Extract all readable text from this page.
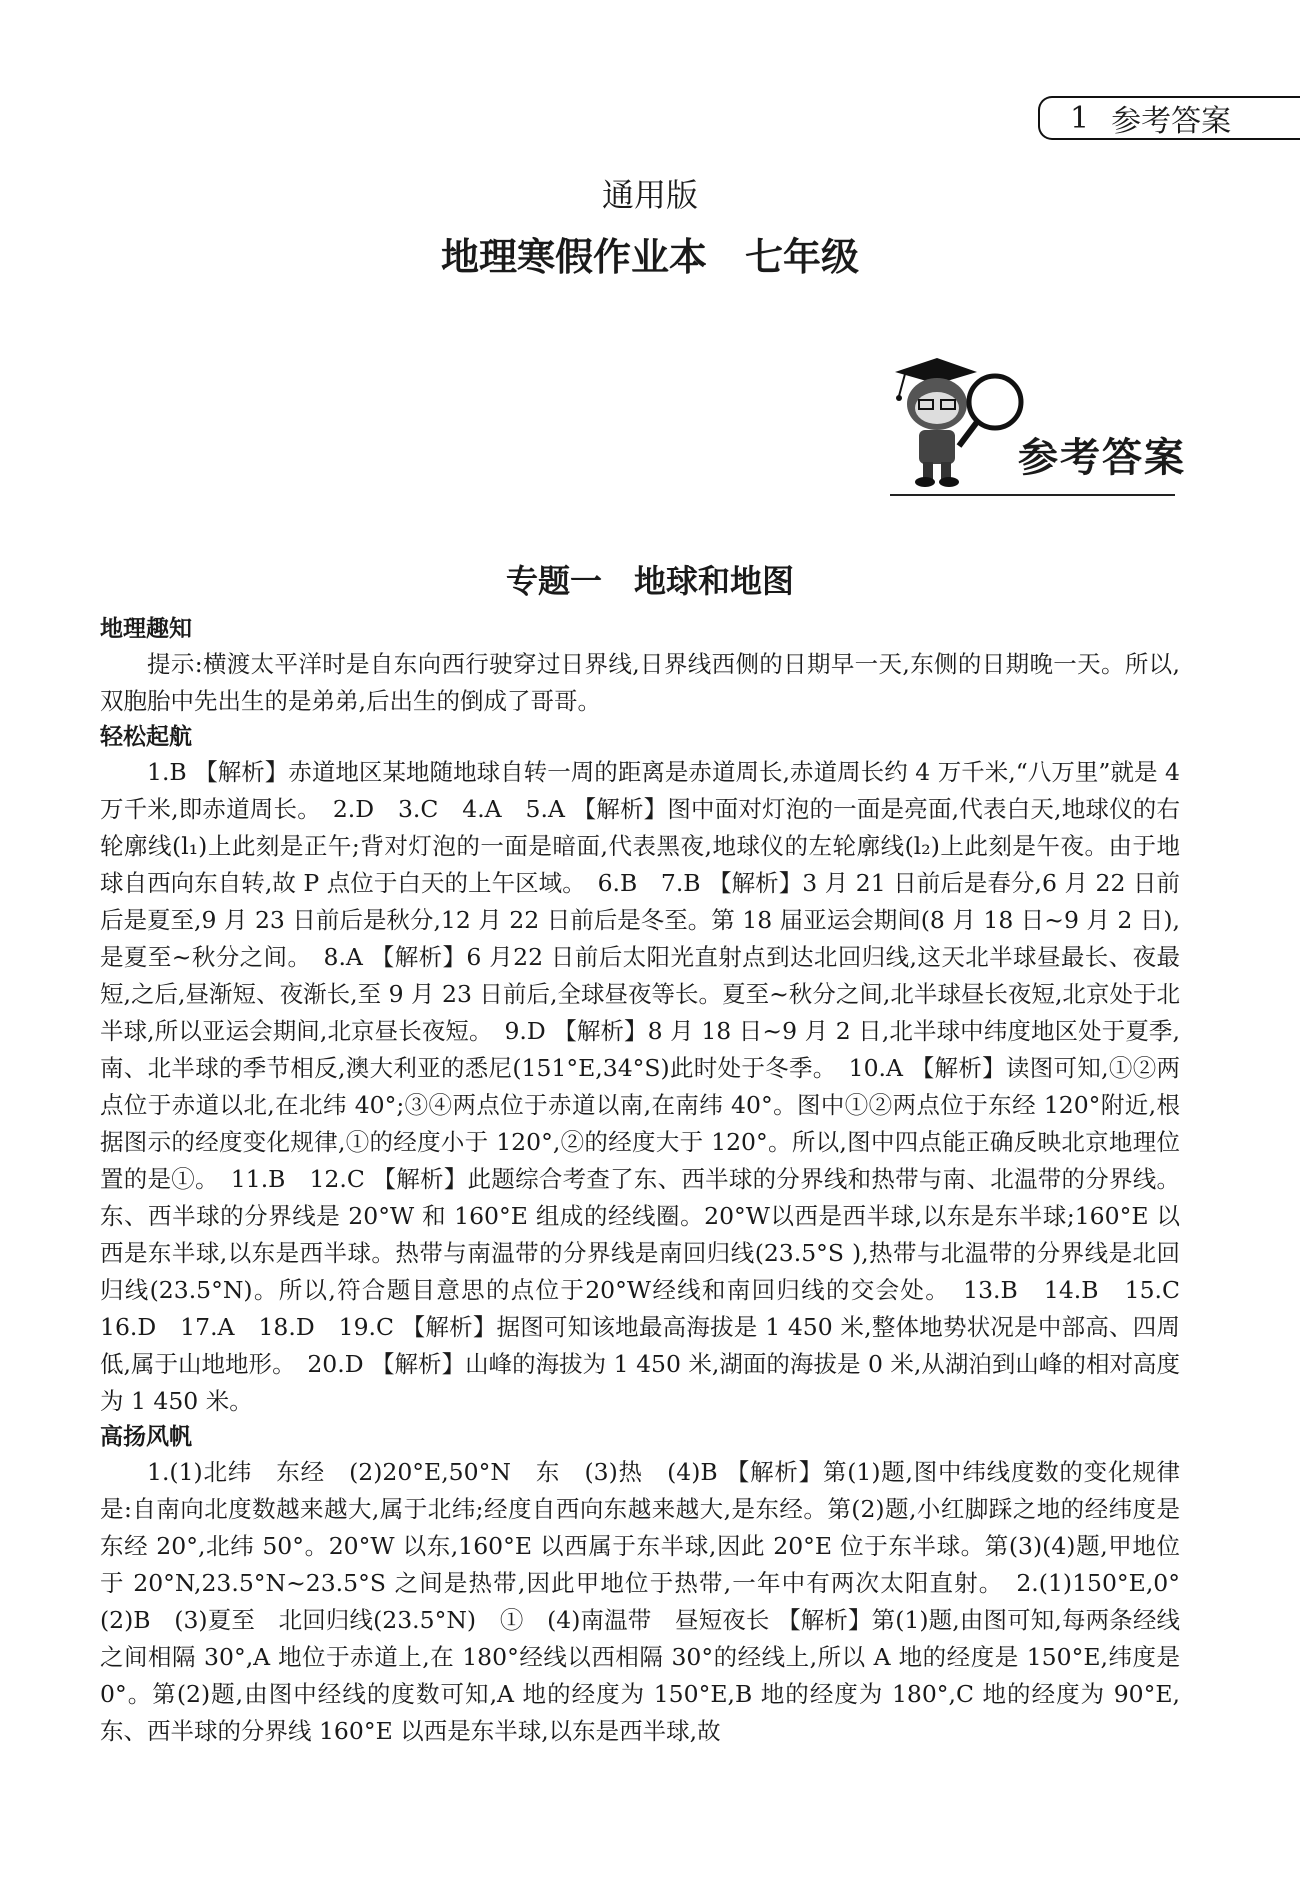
1 参考答案
通用版
地理寒假作业本　七年级
参考答案
专题一　地球和地图

地理趣知

提示:横渡太平洋时是自东向西行驶穿过日界线,日界线西侧的日期早一天,东侧的日期晚一天。所以,双胞胎中先出生的是弟弟,后出生的倒成了哥哥。

轻松起航

1.B 【解析】赤道地区某地随地球自转一周的距离是赤道周长,赤道周长约 4 万千米,“八万里”就是 4 万千米,即赤道周长。　2.D　3.C　4.A　5.A 【解析】图中面对灯泡的一面是亮面,代表白天,地球仪的右轮廓线(l₁)上此刻是正午;背对灯泡的一面是暗面,代表黑夜,地球仪的左轮廓线(l₂)上此刻是午夜。由于地球自西向东自转,故 P 点位于白天的上午区域。　6.B　7.B 【解析】3 月 21 日前后是春分,6 月 22 日前后是夏至,9 月 23 日前后是秋分,12 月 22 日前后是冬至。第 18 届亚运会期间(8 月 18 日~9 月 2 日),是夏至~秋分之间。　8.A 【解析】6 月22 日前后太阳光直射点到达北回归线,这天北半球昼最长、夜最短,之后,昼渐短、夜渐长,至 9 月 23 日前后,全球昼夜等长。夏至~秋分之间,北半球昼长夜短,北京处于北半球,所以亚运会期间,北京昼长夜短。　9.D 【解析】8 月 18 日~9 月 2 日,北半球中纬度地区处于夏季,南、北半球的季节相反,澳大利亚的悉尼(151°E,34°S)此时处于冬季。　10.A 【解析】读图可知,①②两点位于赤道以北,在北纬 40°;③④两点位于赤道以南,在南纬 40°。图中①②两点位于东经 120°附近,根据图示的经度变化规律,①的经度小于 120°,②的经度大于 120°。所以,图中四点能正确反映北京地理位置的是①。　11.B　12.C 【解析】此题综合考查了东、西半球的分界线和热带与南、北温带的分界线。东、西半球的分界线是 20°W 和 160°E 组成的经线圈。20°W以西是西半球,以东是东半球;160°E 以西是东半球,以东是西半球。热带与南温带的分界线是南回归线(23.5°S ),热带与北温带的分界线是北回归线(23.5°N)。所以,符合题目意思的点位于20°W经线和南回归线的交会处。　13.B　14.B　15.C　16.D　17.A　18.D　19.C 【解析】据图可知该地最高海拔是 1 450 米,整体地势状况是中部高、四周低,属于山地地形。　20.D 【解析】山峰的海拔为 1 450 米,湖面的海拔是 0 米,从湖泊到山峰的相对高度为 1 450 米。

高扬风帆

1.(1)北纬　东经　(2)20°E,50°N　东　(3)热　(4)B 【解析】第(1)题,图中纬线度数的变化规律是:自南向北度数越来越大,属于北纬;经度自西向东越来越大,是东经。第(2)题,小红脚踩之地的经纬度是东经 20°,北纬 50°。20°W 以东,160°E 以西属于东半球,因此 20°E 位于东半球。第(3)(4)题,甲地位于 20°N,23.5°N~23.5°S 之间是热带,因此甲地位于热带,一年中有两次太阳直射。　2.(1)150°E,0°　(2)B　(3)夏至　北回归线(23.5°N)　①　(4)南温带　昼短夜长 【解析】第(1)题,由图可知,每两条经线之间相隔 30°,A 地位于赤道上,在 180°经线以西相隔 30°的经线上,所以 A 地的经度是 150°E,纬度是 0°。第(2)题,由图中经线的度数可知,A 地的经度为 150°E,B 地的经度为 180°,C 地的经度为 90°E,东、西半球的分界线 160°E 以西是东半球,以东是西半球,故
